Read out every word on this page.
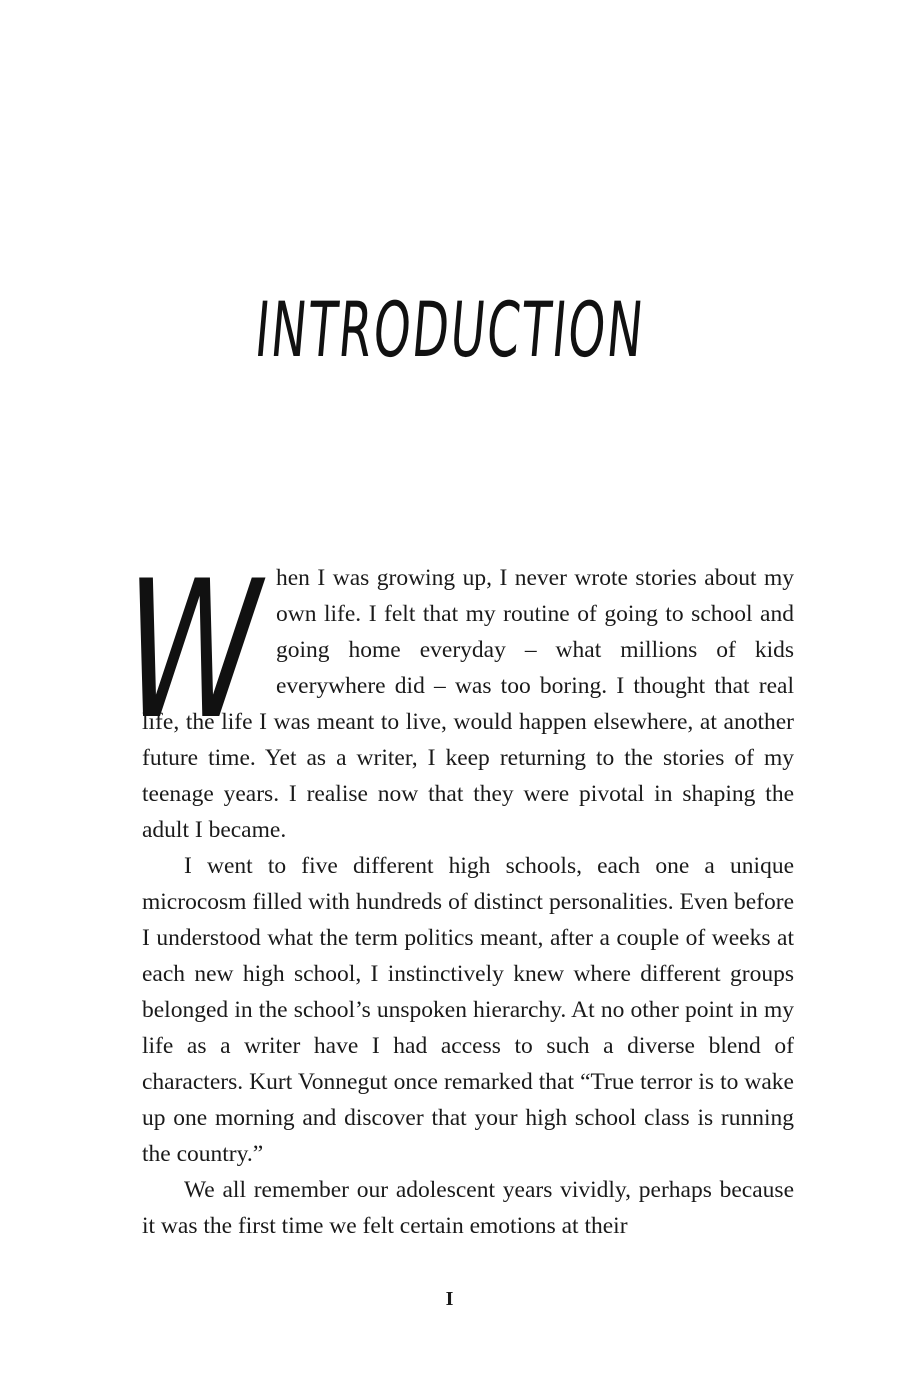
INTRODUCTION

W hen I was growing up, I never wrote stories about my own life. I felt that my routine of going to school and going home everyday – what millions of kids everywhere did – was too boring. I thought that real life, the life I was meant to live, would happen elsewhere, at another future time. Yet as a writer, I keep returning to the stories of my teenage years. I realise now that they were pivotal in shaping the adult I became.

I went to five different high schools, each one a unique microcosm filled with hundreds of distinct personalities. Even before I understood what the term politics meant, after a couple of weeks at each new high school, I instinctively knew where different groups belonged in the school’s unspoken hierarchy. At no other point in my life as a writer have I had access to such a diverse blend of characters. Kurt Vonnegut once remarked that “True terror is to wake up one morning and discover that your high school class is running the country.”

We all remember our adolescent years vividly, perhaps because it was the first time we felt certain emotions at their

I
